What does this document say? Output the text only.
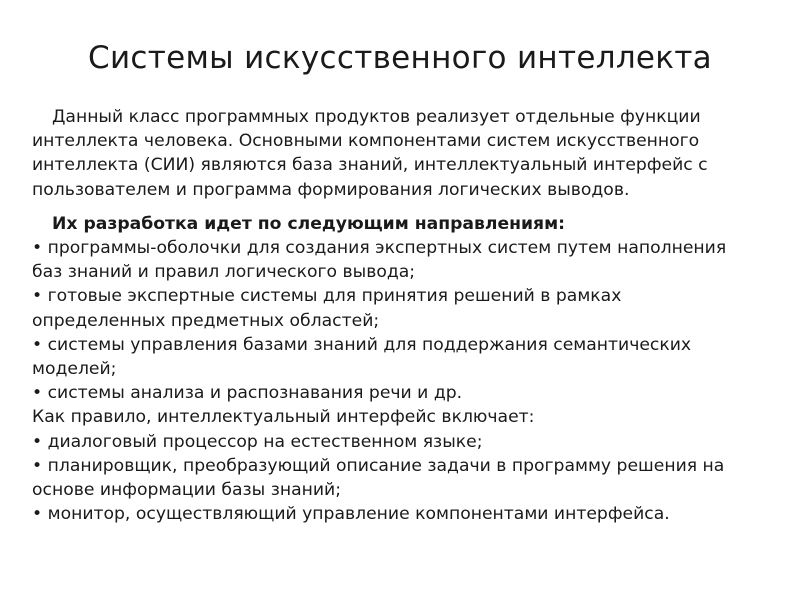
Системы искусственного интеллекта

Данный класс программных продуктов реализует отдельные функции интеллекта человека. Основными компонентами систем искусственного интеллекта (СИИ) являются база знаний, интеллектуальный интерфейс с пользователем и программа формирования логических выводов.

Их разработка идет по следующим направлениям:

• программы-оболочки для создания экспертных систем путем наполнения баз знаний и правил логического вывода;

• готовые экспертные системы для принятия решений в рамках определенных предметных областей;

• системы управления базами знаний для поддержания семантических моделей;

• системы анализа и распознавания речи и др.

Как правило, интеллектуальный интерфейс включает:

• диалоговый процессор на естественном языке;

• планировщик, преобразующий описание задачи в программу решения на основе информации базы знаний;

• монитор, осуществляющий управление компонентами интерфейса.
